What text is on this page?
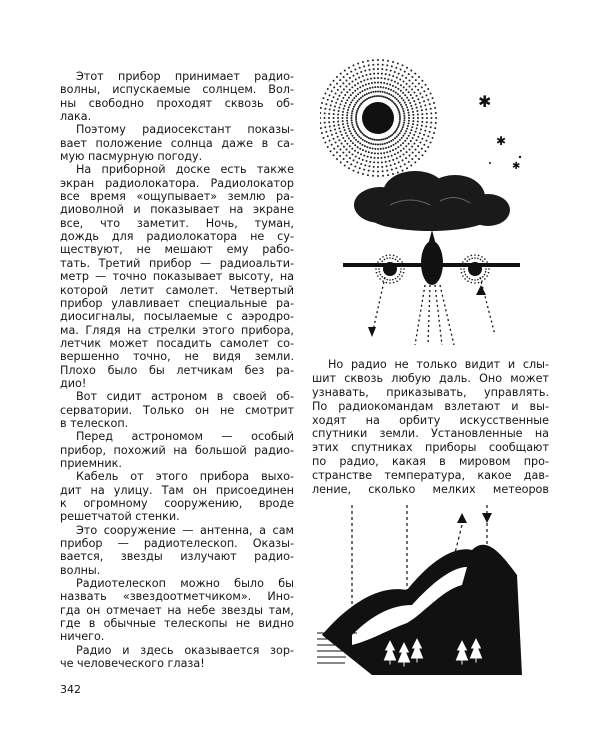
Этот прибор принимает радио-
волны, испускаемые солнцем. Вол-
ны свободно проходят сквозь об-
лака.
Поэтому радиосекстант показы-
вает положение солнца даже в са-
мую пасмурную погоду.
На приборной доске есть также
экран радиолокатора. Радиолокатор
все время «ощупывает» землю ра-
диоволной и показывает на экране
все, что заметит. Ночь, туман,
дождь для радиолокатора не су-
ществуют, не мешают ему рабо-
тать. Третий прибор — радиоальти-
метр — точно показывает высоту, на
которой летит самолет. Четвертый
прибор улавливает специальные ра-
диосигналы, посылаемые с аэродро-
ма. Глядя на стрелки этого прибора,
летчик может посадить самолет со-
вершенно точно, не видя земли.
Плохо было бы летчикам без ра-
дио!
Вот сидит астроном в своей об-
серватории. Только он не смотрит
в телескоп.
Перед астрономом — особый
прибор, похожий на большой радио-
приемник.
Кабель от этого прибора выхо-
дит на улицу. Там он присоединен
к огромному сооружению, вроде
решетчатой стенки.
Это сооружение — антенна, а сам
прибор — радиотелескоп. Оказы-
вается, звезды излучают радио-
волны.
Радиотелескоп можно было бы
назвать «звездоотметчиком». Ино-
гда он отмечает на небе звезды там,
где в обычные телескопы не видно
ничего.
Радио и здесь оказывается зор-
че человеческого глаза!
Но радио не только видит и слы-
шит сквозь любую даль. Оно может
узнавать, приказывать, управлять.
По радиокомандам взлетают и вы-
ходят на орбиту искусственные
спутники земли. Установленные на
этих спутниках приборы сообщают
по радио, какая в мировом про-
странстве температура, какое дав-
ление, сколько мелких метеоров
342
✱
✱
✱
